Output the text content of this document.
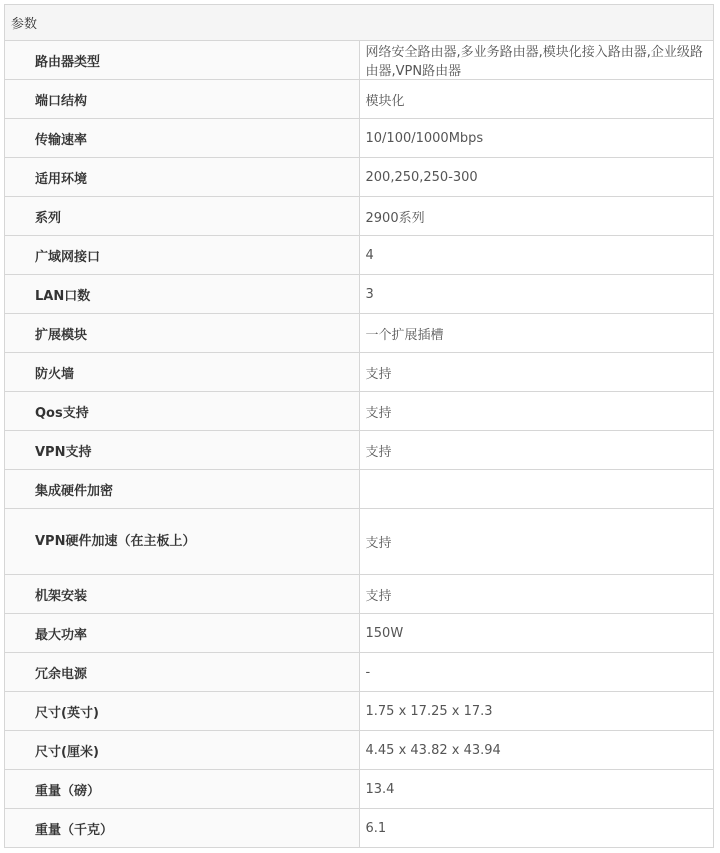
参数	
路由器类型	网络安全路由器,多业务路由器,模块化接入路由器,企业级路由器,VPN路由器
端口结构	模块化
传输速率	10/100/1000Mbps
适用环境	200,250,250-300
系列	2900系列
广域网接口	4
LAN口数	3
扩展模块	一个扩展插槽
防火墙	支持
Qos支持	支持
VPN支持	支持
集成硬件加密	
VPN硬件加速（在主板上）	支持
机架安装	支持
最大功率	150W
冗余电源	-
尺寸(英寸)	1.75 x 17.25 x 17.3
尺寸(厘米)	4.45 x 43.82 x 43.94
重量（磅）	13.4
重量（千克）	6.1
